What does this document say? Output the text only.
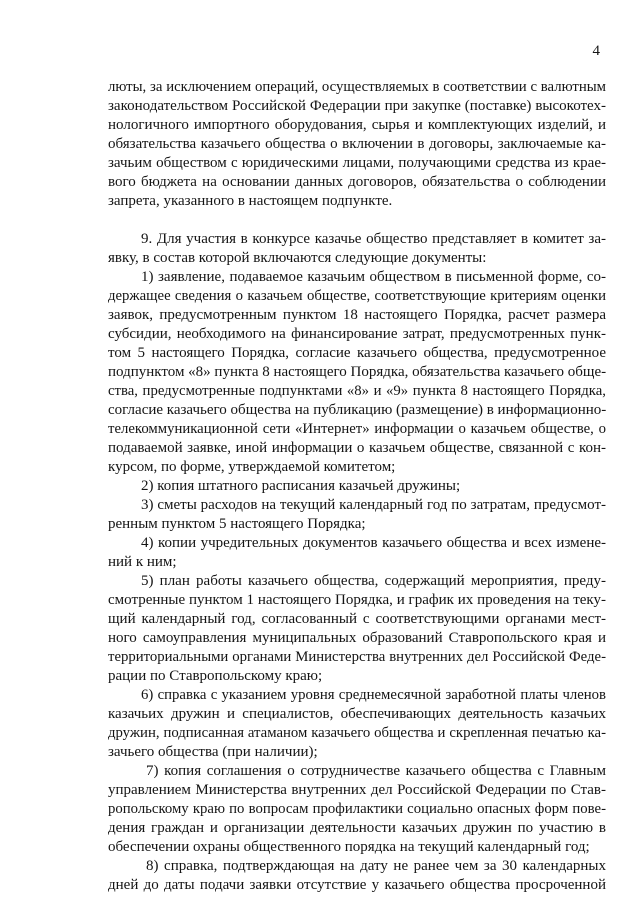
4
люты, за исключением операций, осуществляемых в соответствии с валютным
законодательством Российской Федерации при закупке (поставке) высокотех-
нологичного импортного оборудования, сырья и комплектующих изделий, и
обязательства казачьего общества о включении в договоры, заключаемые ка-
зачьим обществом с юридическими лицами, получающими средства из крае-
вого бюджета на основании данных договоров, обязательства о соблюдении
запрета, указанного в настоящем подпункте.
9. Для участия в конкурсе казачье общество представляет в комитет за-
явку, в состав которой включаются следующие документы:
1) заявление, подаваемое казачьим обществом в письменной форме, со-
держащее сведения о казачьем обществе, соответствующие критериям оценки
заявок, предусмотренным пунктом 18 настоящего Порядка, расчет размера
субсидии, необходимого на финансирование затрат, предусмотренных пунк-
том 5 настоящего Порядка, согласие казачьего общества, предусмотренное
подпунктом «8» пункта 8 настоящего Порядка, обязательства казачьего обще-
ства, предусмотренные подпунктами «8» и «9» пункта 8 настоящего Порядка,
согласие казачьего общества на публикацию (размещение) в информационно-
телекоммуникационной сети «Интернет» информации о казачьем обществе, о
подаваемой заявке, иной информации о казачьем обществе, связанной с кон-
курсом, по форме, утверждаемой комитетом;
2) копия штатного расписания казачьей дружины;
3) сметы расходов на текущий календарный год по затратам, предусмот-
ренным пунктом 5 настоящего Порядка;
4) копии учредительных документов казачьего общества и всех измене-
ний к ним;
5) план работы казачьего общества, содержащий мероприятия, преду-
смотренные пунктом 1 настоящего Порядка, и график их проведения на теку-
щий календарный год, согласованный с соответствующими органами мест-
ного самоуправления муниципальных образований Ставропольского края и
территориальными органами Министерства внутренних дел Российской Феде-
рации по Ставропольскому краю;
6) справка с указанием уровня среднемесячной заработной платы членов
казачьих дружин и специалистов, обеспечивающих деятельность казачьих
дружин, подписанная атаманом казачьего общества и скрепленная печатью ка-
зачьего общества (при наличии);
7) копия соглашения о сотрудничестве казачьего общества с Главным
управлением Министерства внутренних дел Российской Федерации по Став-
ропольскому краю по вопросам профилактики социально опасных форм пове-
дения граждан и организации деятельности казачьих дружин по участию в
обеспечении охраны общественного порядка на текущий календарный год;
8) справка, подтверждающая на дату не ранее чем за 30 календарных
дней до даты подачи заявки отсутствие у казачьего общества просроченной
